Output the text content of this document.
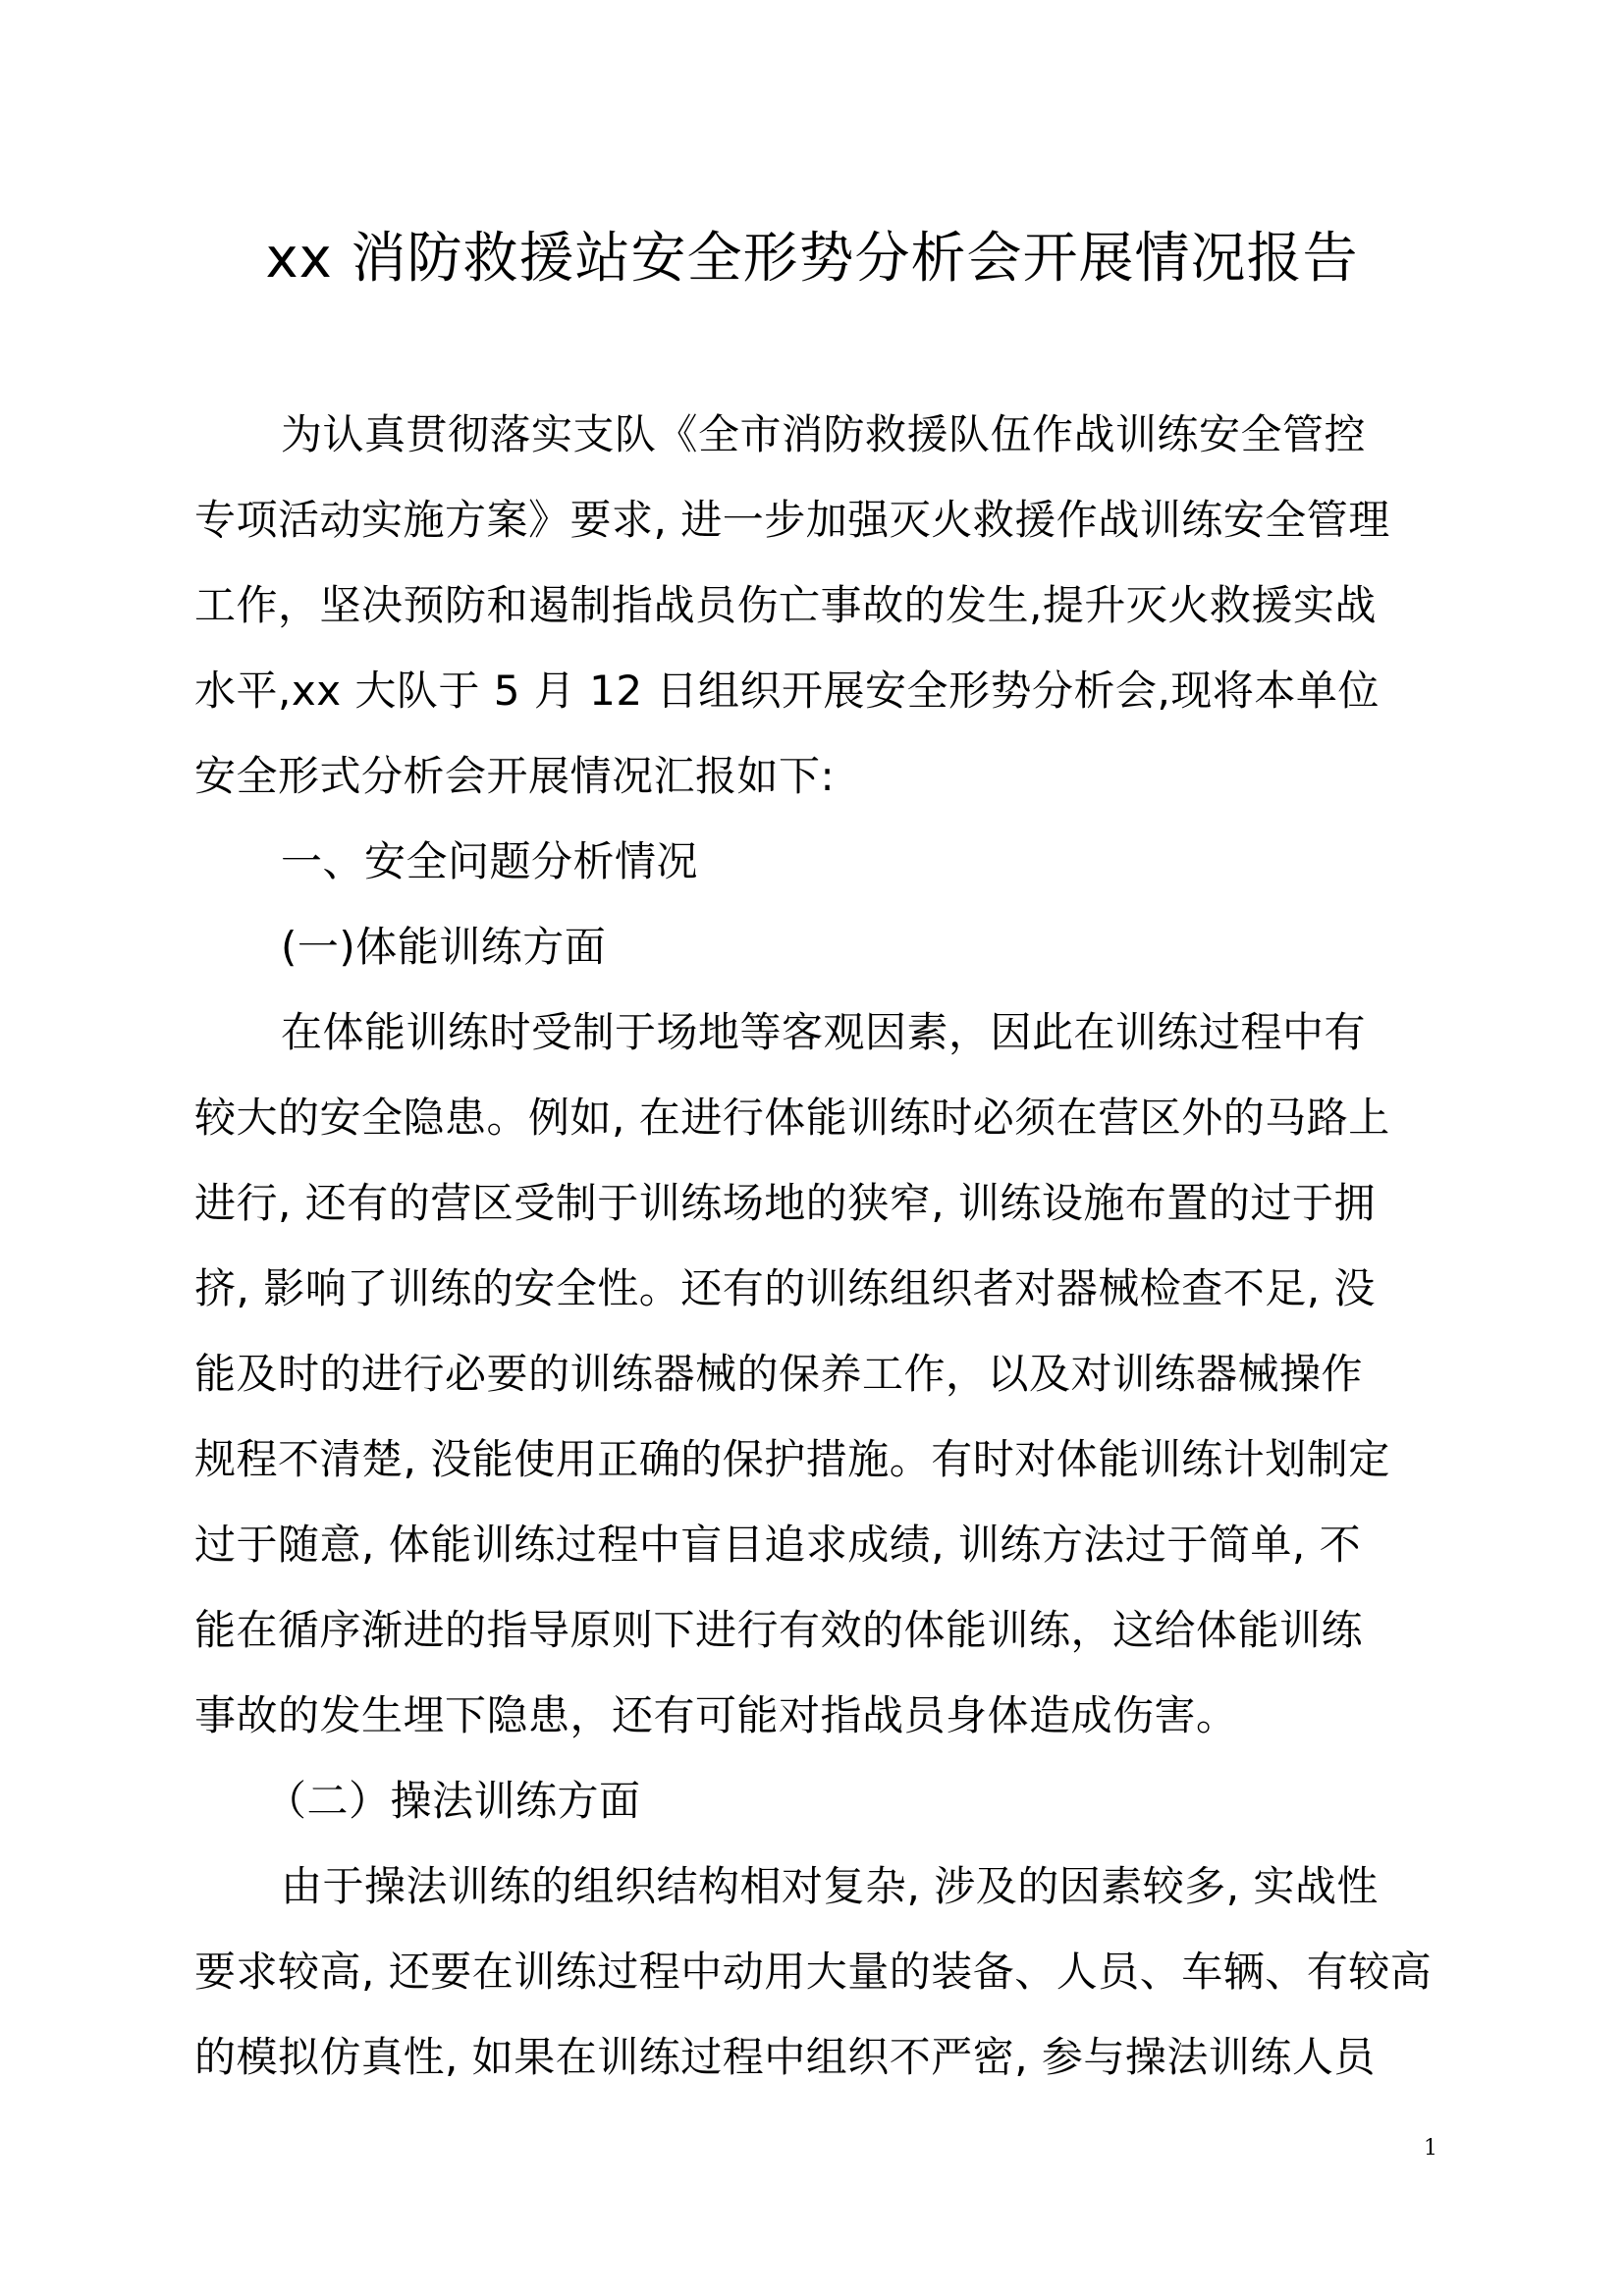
xx 消防救援站安全形势分析会开展情况报告
为认真贯彻落实支队《全市消防救援队伍作战训练安全管控
专项活动实施方案》要求, 进一步加强灭火救援作战训练安全管理
工作，坚决预防和遏制指战员伤亡事故的发生,提升灭火救援实战
水平,xx 大队于 5 月 12 日组织开展安全形势分析会,现将本单位
安全形式分析会开展情况汇报如下:
一、安全问题分析情况
(一)体能训练方面
在体能训练时受制于场地等客观因素，因此在训练过程中有
较大的安全隐患。例如, 在进行体能训练时必须在营区外的马路上
进行, 还有的营区受制于训练场地的狭窄, 训练设施布置的过于拥
挤, 影响了训练的安全性。还有的训练组织者对器械检查不足, 没
能及时的进行必要的训练器械的保养工作，以及对训练器械操作
规程不清楚, 没能使用正确的保护措施。有时对体能训练计划制定
过于随意, 体能训练过程中盲目追求成绩, 训练方法过于简单, 不
能在循序渐进的指导原则下进行有效的体能训练，这给体能训练
事故的发生埋下隐患，还有可能对指战员身体造成伤害。
（二）操法训练方面
由于操法训练的组织结构相对复杂, 涉及的因素较多, 实战性
要求较高, 还要在训练过程中动用大量的装备、人员、车辆、有较高
的模拟仿真性, 如果在训练过程中组织不严密, 参与操法训练人员
1
